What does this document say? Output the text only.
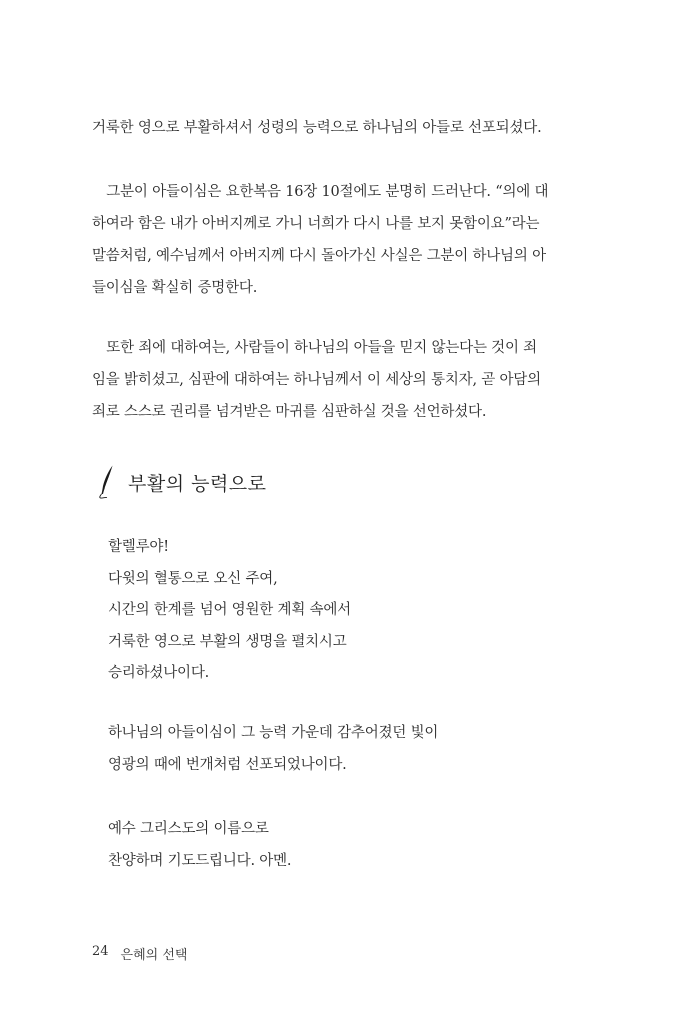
거룩한 영으로 부활하셔서 성령의 능력으로 하나님의 아들로 선포되셨다.
　그분이 아들이심은 요한복음 16장 10절에도 분명히 드러난다. “의에 대
하여라 함은 내가 아버지께로 가니 너희가 다시 나를 보지 못함이요”라는
말씀처럼, 예수님께서 아버지께 다시 돌아가신 사실은 그분이 하나님의 아
들이심을 확실히 증명한다.
　또한 죄에 대하여는, 사람들이 하나님의 아들을 믿지 않는다는 것이 죄
임을 밝히셨고, 심판에 대하여는 하나님께서 이 세상의 통치자, 곧 아담의
죄로 스스로 권리를 넘겨받은 마귀를 심판하실 것을 선언하셨다.
부활의 능력으로
할렐루야!
다윗의 혈통으로 오신 주여,
시간의 한계를 넘어 영원한 계획 속에서
거룩한 영으로 부활의 생명을 펼치시고
승리하셨나이다.
하나님의 아들이심이 그 능력 가운데 감추어졌던 빛이
영광의 때에 번개처럼 선포되었나이다.
예수 그리스도의 이름으로
찬양하며 기도드립니다. 아멘.
24 은혜의 선택
